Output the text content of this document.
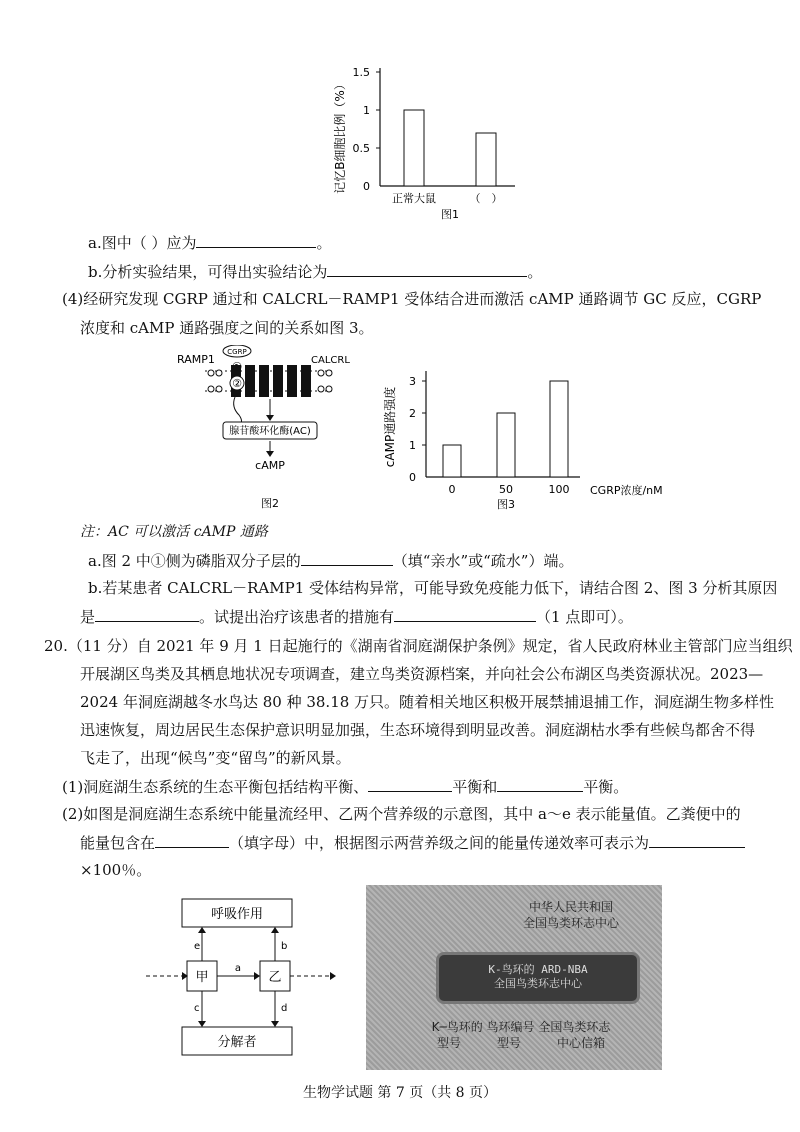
记忆B细胞比例（%）
1.5
1
0.5
0
正常大鼠	（　）
图1
a.图中（ ）应为	。
b.分析实验结果，可得出实验结论为	。
(4)经研究发现 CGRP 通过和 CALCRL－RAMP1 受体结合进而激活 cAMP 通路调节 GC 反应，CGRP
浓度和 cAMP 通路强度之间的关系如图 3。
RAMP1	CALCRL
CGRP
①
②
腺苷酸环化酶(AC)
cAMP
图2
cAMP通路强度
3
2
1
0
0	50	100 CGRP浓度/nM
图3
注：AC 可以激活 cAMP 通路
a.图 2 中①侧为磷脂双分子层的	（填“亲水”或“疏水”）端。
b.若某患者 CALCRL－RAMP1 受体结构异常，可能导致免疫能力低下，请结合图 2、图 3 分析其原因
是	。试提出治疗该患者的措施有	（1 点即可）。
20.（11 分）自 2021 年 9 月 1 日起施行的《湖南省洞庭湖保护条例》规定，省人民政府林业主管部门应当组织
开展湖区鸟类及其栖息地状况专项调查，建立鸟类资源档案，并向社会公布湖区鸟类资源状况。2023—
2024 年洞庭湖越冬水鸟达 80 种 38.18 万只。随着相关地区积极开展禁捕退捕工作，洞庭湖生物多样性
迅速恢复，周边居民生态保护意识明显加强，生态环境得到明显改善。洞庭湖枯水季有些候鸟都舍不得
飞走了，出现“候鸟”变“留鸟”的新风景。
(1)洞庭湖生态系统的生态平衡包括结构平衡、	平衡和	平衡。
(2)如图是洞庭湖生态系统中能量流经甲、乙两个营养级的示意图，其中 a～e 表示能量值。乙粪便中的
能量包含在	（填字母）中，根据图示两营养级之间的能量传递效率可表示为
×100％。
呼吸作用
甲	乙
分解者
a
e	b
c	d
中华人民共和国
全国鸟类环志中心
K-鸟环的 ARD-NBA
全国鸟类环志中心
K─鸟环的 鸟环编号 全国鸟类环志
型号　　　型号　　　中心信箱
生物学试题 第 7 页（共 8 页）
